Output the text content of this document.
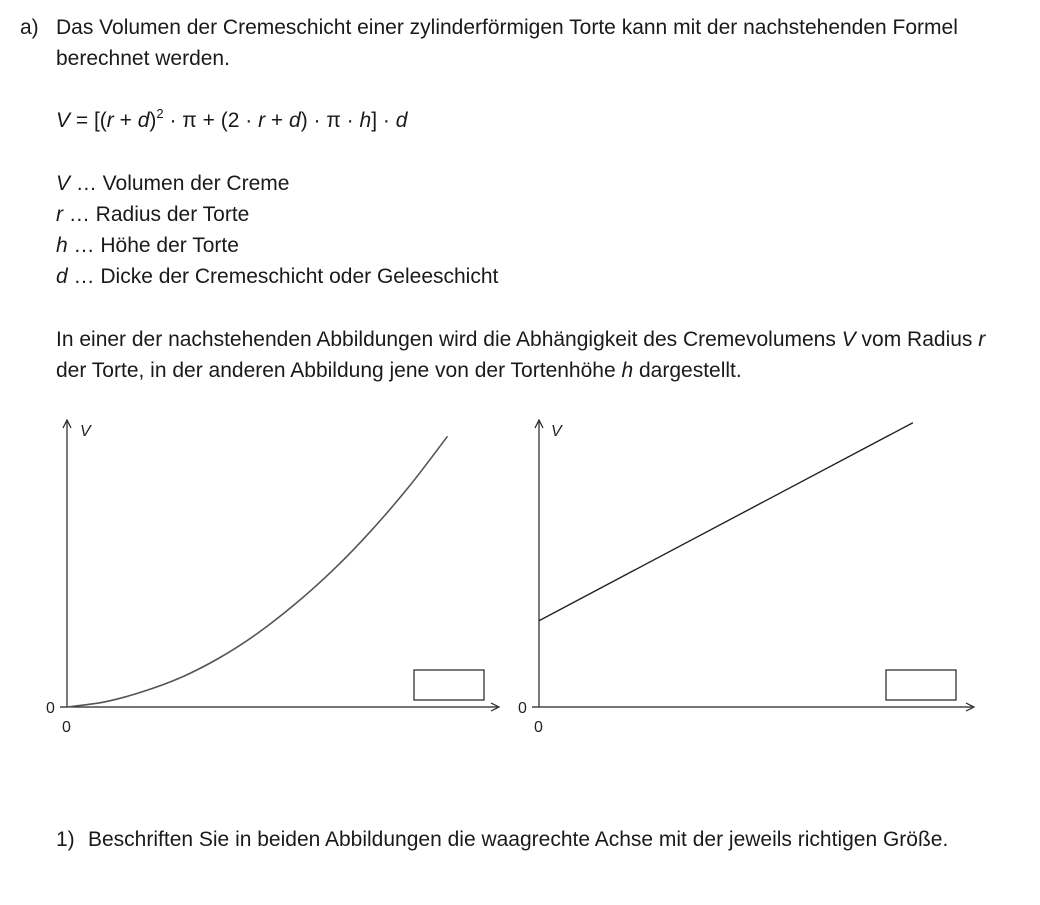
a) Das Volumen der Cremeschicht einer zylinderförmigen Torte kann mit der nachstehenden Formel berechnet werden.
$V = [(r + d)^2 \cdot \pi + (2 \cdot r + d) \cdot \pi \cdot h] \cdot d$
V … Volumen der Creme
r … Radius der Torte
h … Höhe der Torte
d … Dicke der Cremeschicht oder Geleeschicht
In einer der nachstehenden Abbildungen wird die Abhängigkeit des Cremevolumens V vom Radius r der Torte, in der anderen Abbildung jene von der Tortenhöhe h dargestellt.
V
0
0
V
0
0
1) Beschriften Sie in beiden Abbildungen die waagrechte Achse mit der jeweils richtigen Größe.
